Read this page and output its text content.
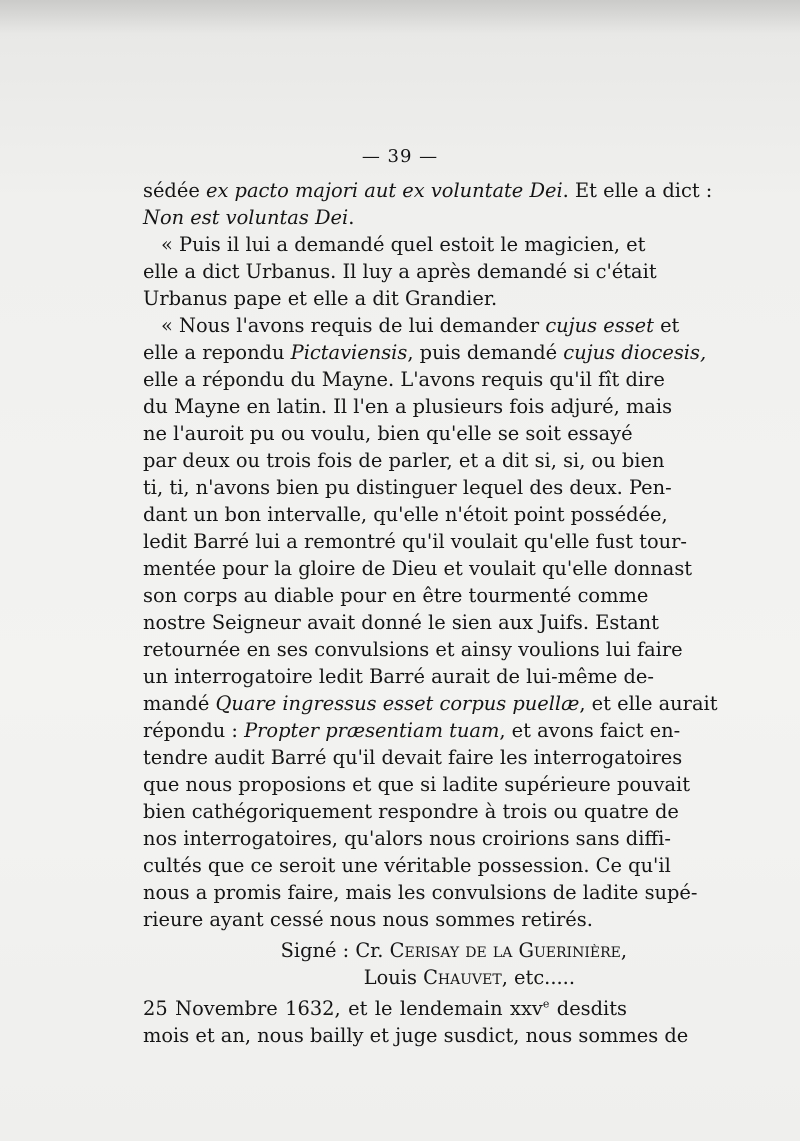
— 39 —
sédée ex pacto majori aut ex voluntate Dei. Et elle a dict :
Non est voluntas Dei.
« Puis il lui a demandé quel estoit le magicien, et
elle a dict Urbanus. Il luy a après demandé si c'était
Urbanus pape et elle a dit Grandier.
« Nous l'avons requis de lui demander cujus esset et
elle a repondu Pictaviensis, puis demandé cujus diocesis,
elle a répondu du Mayne. L'avons requis qu'il fît dire
du Mayne en latin. Il l'en a plusieurs fois adjuré, mais
ne l'auroit pu ou voulu, bien qu'elle se soit essayé
par deux ou trois fois de parler, et a dit si, si, ou bien
ti, ti, n'avons bien pu distinguer lequel des deux. Pen-
dant un bon intervalle, qu'elle n'étoit point possédée,
ledit Barré lui a remontré qu'il voulait qu'elle fust tour-
mentée pour la gloire de Dieu et voulait qu'elle donnast
son corps au diable pour en être tourmenté comme
nostre Seigneur avait donné le sien aux Juifs. Estant
retournée en ses convulsions et ainsy voulions lui faire
un interrogatoire ledit Barré aurait de lui-même de-
mandé Quare ingressus esset corpus puellæ, et elle aurait
répondu : Propter præsentiam tuam, et avons faict en-
tendre audit Barré qu'il devait faire les interrogatoires
que nous proposions et que si ladite supérieure pouvait
bien cathégoriquement respondre à trois ou quatre de
nos interrogatoires, qu'alors nous croirions sans diffi-
cultés que ce seroit une véritable possession. Ce qu'il
nous a promis faire, mais les convulsions de ladite supé-
rieure ayant cessé nous nous sommes retirés.
Signé : Cr. Cerisay de la Guerinière,
Louis Chauvet, etc.....
25 Novembre 1632, et le lendemain xxv$^e$ desdits
mois et an, nous bailly et juge susdict, nous sommes de
